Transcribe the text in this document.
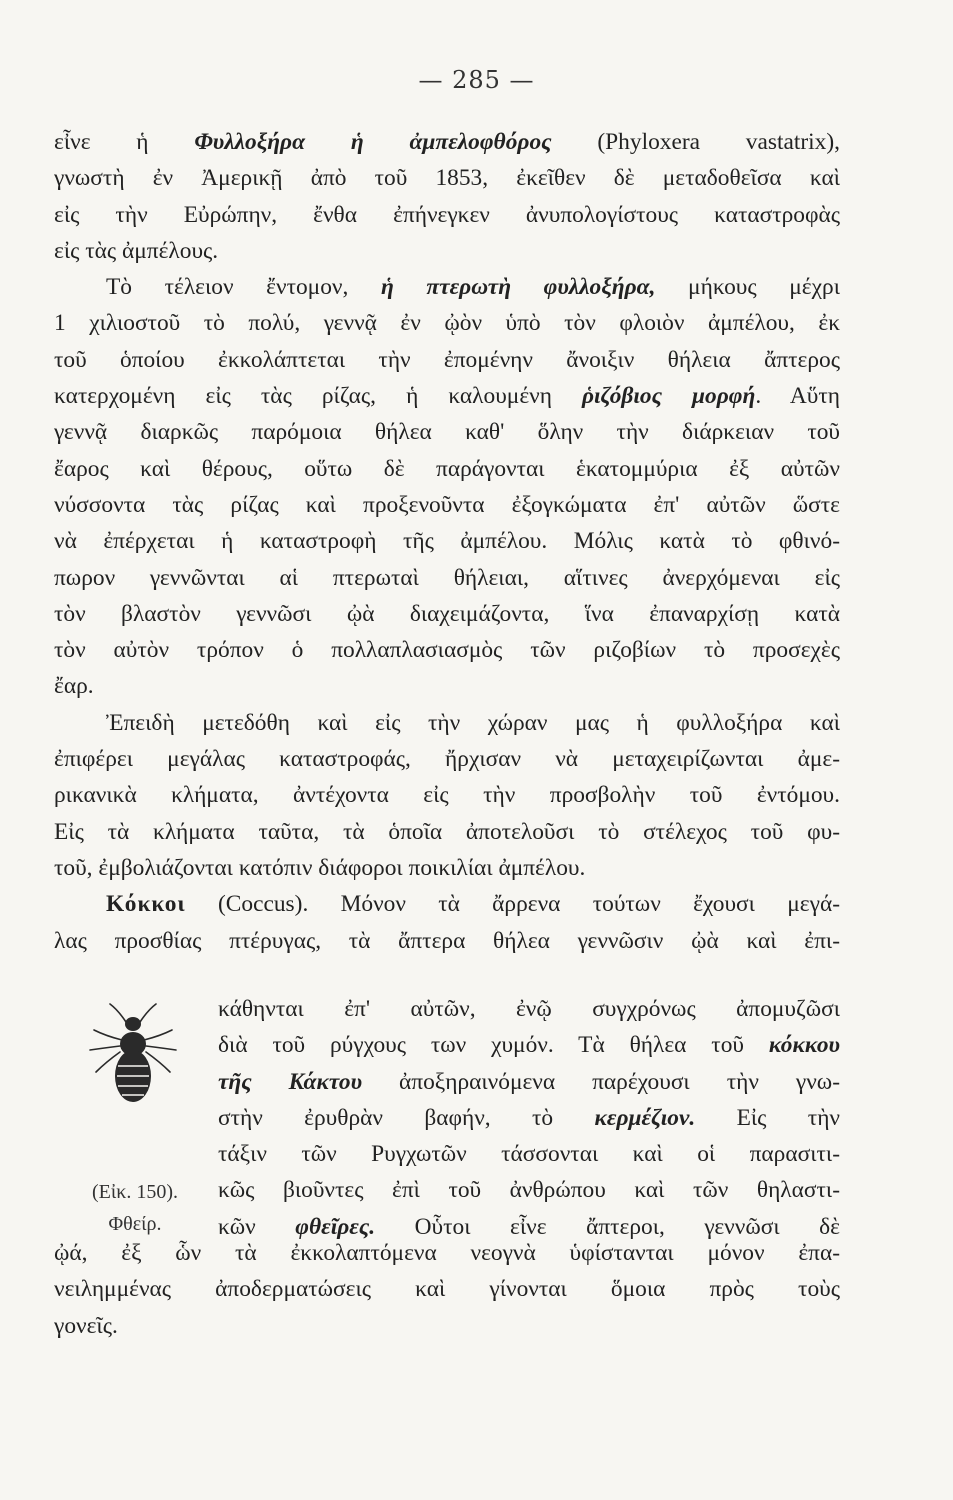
— 285 —
εἶνε ἡ Φυλλοξήρα ἡ ἀμπελοφθόρος (Phyloxera vastatrix),
γνωστὴ ἐν Ἀμερικῇ ἀπὸ τοῦ 1853, ἐκεῖθεν δὲ μεταδοθεῖσα καὶ
εἰς τὴν Εὐρώπην, ἔνθα ἐπήνεγκεν ἀνυπολογίστους καταστροφὰς
εἰς τὰς ἀμπέλους.
Τὸ τέλειον ἔντομον, ἡ πτερωτὴ φυλλοξήρα, μήκους μέχρι
1 χιλιοστοῦ τὸ πολύ, γεννᾷ ἐν ᾠὸν ὑπὸ τὸν φλοιὸν ἀμπέλου, ἐκ
τοῦ ὁποίου ἐκκολάπτεται τὴν ἐπομένην ἄνοιξιν θήλεια ἄπτερος
κατερχομένη εἰς τὰς ρίζας, ἡ καλουμένη ῥιζόβιος μορφή. Αὕτη
γεννᾷ διαρκῶς παρόμοια θήλεα καθ' ὅλην τὴν διάρκειαν τοῦ
ἔαρος καὶ θέρους, οὕτω δὲ παράγονται ἑκατομμύρια ἐξ αὐτῶν
νύσσοντα τὰς ρίζας καὶ προξενοῦντα ἐξογκώματα ἐπ' αὐτῶν ὥστε
νὰ ἐπέρχεται ἡ καταστροφὴ τῆς ἀμπέλου. Μόλις κατὰ τὸ φθινό-
πωρον γεννῶνται αἱ πτερωταὶ θήλειαι, αἵτινες ἀνερχόμεναι εἰς
τὸν βλαστὸν γεννῶσι ᾠὰ διαχειμάζοντα, ἵνα ἐπαναρχίσῃ κατὰ
τὸν αὐτὸν τρόπον ὁ πολλαπλασιασμὸς τῶν ριζοβίων τὸ προσεχὲς
ἔαρ.
Ἐπειδὴ μετεδόθη καὶ εἰς τὴν χώραν μας ἡ φυλλοξήρα καὶ
ἐπιφέρει μεγάλας καταστροφάς, ἤρχισαν νὰ μεταχειρίζωνται ἀμε-
ρικανικὰ κλήματα, ἀντέχοντα εἰς τὴν προσβολὴν τοῦ ἐντόμου.
Εἰς τὰ κλήματα ταῦτα, τὰ ὁποῖα ἀποτελοῦσι τὸ στέλεχος τοῦ φυ-
τοῦ, ἐμβολιάζονται κατόπιν διάφοροι ποικιλίαι ἀμπέλου.
Κόκκοι (Coccus). Μόνον τὰ ἄρρενα τούτων ἔχουσι μεγά-
λας προσθίας πτέρυγας, τὰ ἄπτερα θήλεα γεννῶσιν ᾠὰ καὶ ἐπι-
(Εἰκ. 150).
Φθείρ.
κάθηνται ἐπ' αὐτῶν, ἐνῷ συγχρόνως ἀπομυζῶσι
διὰ τοῦ ρύγχους των χυμόν. Τὰ θήλεα τοῦ κόκκου
τῆς Κάκτου ἀποξηραινόμενα παρέχουσι τὴν γνω-
στὴν ἐρυθρὰν βαφήν, τὸ κερμέζιον. Εἰς τὴν
τάξιν τῶν Ρυγχωτῶν τάσσονται καὶ οἱ παρασιτι-
κῶς βιοῦντες ἐπὶ τοῦ ἀνθρώπου καὶ τῶν θηλαστι-
κῶν φθεῖρες. Οὗτοι εἶνε ἄπτεροι, γεννῶσι δὲ
ᾠά, ἐξ ὧν τὰ ἐκκολαπτόμενα νεογνὰ ὑφίστανται μόνον ἐπα-
νειλημμένας ἀποδερματώσεις καὶ γίνονται ὅμοια πρὸς τοὺς
γονεῖς.
